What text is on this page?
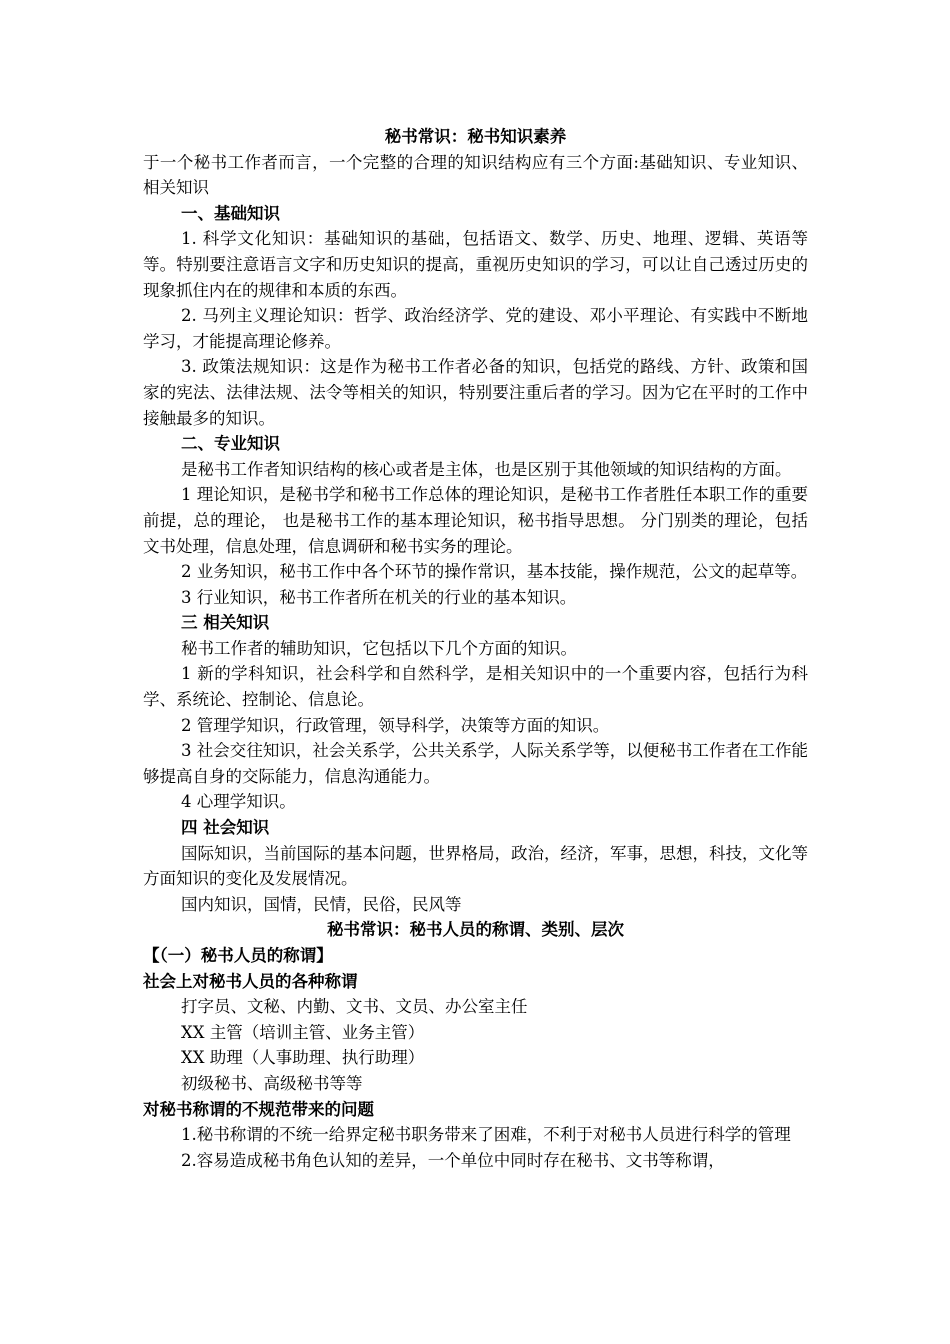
秘书常识：秘书知识素养

于一个秘书工作者而言，一个完整的合理的知识结构应有三个方面:基础知识、专业知识、相关知识

一、基础知识

1. 科学文化知识：基础知识的基础，包括语文、数学、历史、地理、逻辑、英语等等。特别要注意语言文字和历史知识的提高，重视历史知识的学习，可以让自己透过历史的现象抓住内在的规律和本质的东西。

2. 马列主义理论知识：哲学、政治经济学、党的建设、邓小平理论、有实践中不断地学习，才能提高理论修养。

3. 政策法规知识：这是作为秘书工作者必备的知识，包括党的路线、方针、政策和国家的宪法、法律法规、法令等相关的知识，特别要注重后者的学习。因为它在平时的工作中接触最多的知识。

二、专业知识

是秘书工作者知识结构的核心或者是主体，也是区别于其他领域的知识结构的方面。

1 理论知识，是秘书学和秘书工作总体的理论知识，是秘书工作者胜任本职工作的重要前提，总的理论， 也是秘书工作的基本理论知识，秘书指导思想。 分门别类的理论，包括文书处理，信息处理，信息调研和秘书实务的理论。

2 业务知识，秘书工作中各个环节的操作常识，基本技能，操作规范，公文的起草等。

3 行业知识，秘书工作者所在机关的行业的基本知识。

三 相关知识

秘书工作者的辅助知识，它包括以下几个方面的知识。

1 新的学科知识，社会科学和自然科学，是相关知识中的一个重要内容，包括行为科学、系统论、控制论、信息论。

2 管理学知识，行政管理，领导科学，决策等方面的知识。

3 社会交往知识，社会关系学，公共关系学，人际关系学等，以便秘书工作者在工作能够提高自身的交际能力，信息沟通能力。

4 心理学知识。

四 社会知识

国际知识，当前国际的基本问题，世界格局，政治，经济，军事，思想，科技，文化等方面知识的变化及发展情况。

国内知识，国情，民情，民俗，民风等

秘书常识：秘书人员的称谓、类别、层次

【（一）秘书人员的称谓】

社会上对秘书人员的各种称谓

打字员、文秘、内勤、文书、文员、办公室主任

XX 主管（培训主管、业务主管）

XX 助理（人事助理、执行助理）

初级秘书、高级秘书等等

对秘书称谓的不规范带来的问题

1.秘书称谓的不统一给界定秘书职务带来了困难，不利于对秘书人员进行科学的管理

2.容易造成秘书角色认知的差异，一个单位中同时存在秘书、文书等称谓，
